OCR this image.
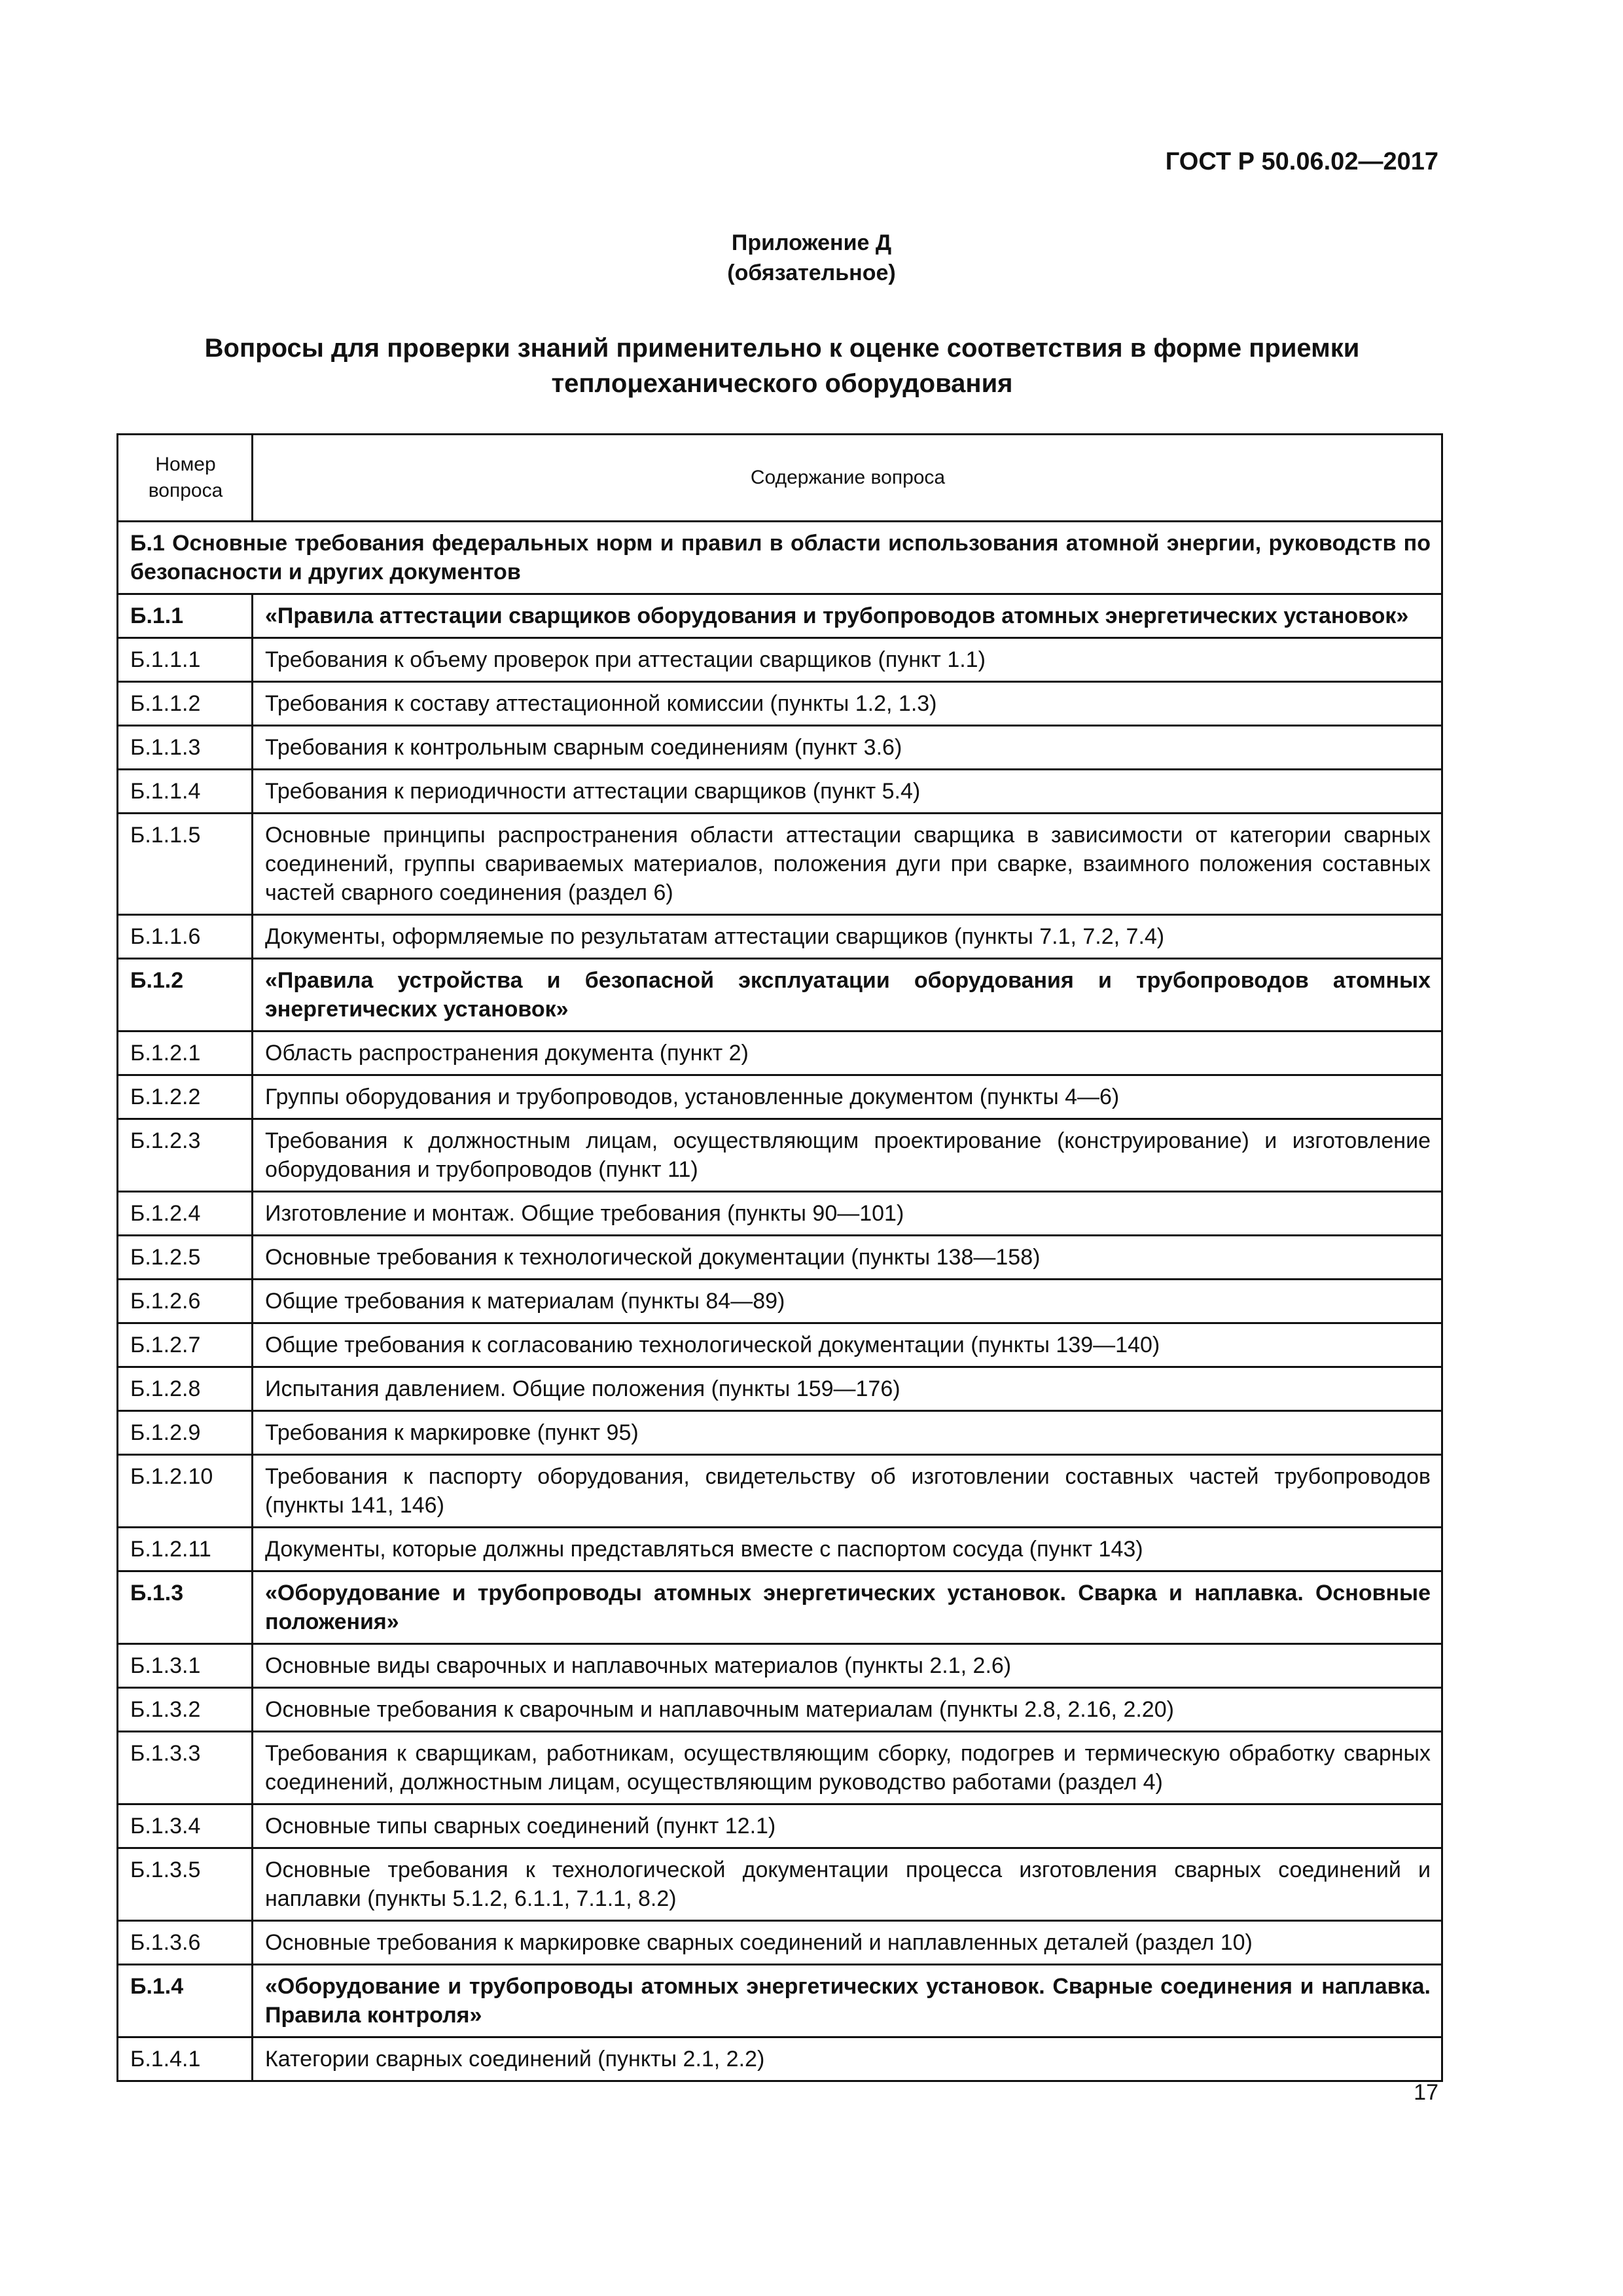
ГОСТ Р 50.06.02—2017
Приложение Д
(обязательное)
Вопросы для проверки знаний применительно к оценке соответствия в форме приемки теплομеханического оборудования
Номер вопроса	Содержание вопроса
Б.1 Основные требования федеральных норм и правил в области использования атомной энергии, руководств по безопасности и других документов	
Б.1.1	«Правила аттестации сварщиков оборудования и трубопроводов атомных энергетических установок»
Б.1.1.1	Требования к объему проверок при аттестации сварщиков (пункт 1.1)
Б.1.1.2	Требования к составу аттестационной комиссии (пункты 1.2, 1.3)
Б.1.1.3	Требования к контрольным сварным соединениям (пункт 3.6)
Б.1.1.4	Требования к периодичности аттестации сварщиков (пункт 5.4)
Б.1.1.5	Основные принципы распространения области аттестации сварщика в зависимости от категории сварных соединений, группы свариваемых материалов, положения дуги при сварке, взаимного положения составных частей сварного соединения (раздел 6)
Б.1.1.6	Документы, оформляемые по результатам аттестации сварщиков (пункты 7.1, 7.2, 7.4)
Б.1.2	«Правила устройства и безопасной эксплуатации оборудования и трубопроводов атомных энергетических установок»
Б.1.2.1	Область распространения документа (пункт 2)
Б.1.2.2	Группы оборудования и трубопроводов, установленные документом (пункты 4—6)
Б.1.2.3	Требования к должностным лицам, осуществляющим проектирование (конструирование) и изготовление оборудования и трубопроводов (пункт 11)
Б.1.2.4	Изготовление и монтаж. Общие требования (пункты 90—101)
Б.1.2.5	Основные требования к технологической документации (пункты 138—158)
Б.1.2.6	Общие требования к материалам (пункты 84—89)
Б.1.2.7	Общие требования к согласованию технологической документации (пункты 139—140)
Б.1.2.8	Испытания давлением. Общие положения (пункты 159—176)
Б.1.2.9	Требования к маркировке (пункт 95)
Б.1.2.10	Требования к паспорту оборудования, свидетельству об изготовлении составных частей трубопроводов (пункты 141, 146)
Б.1.2.11	Документы, которые должны представляться вместе с паспортом сосуда (пункт 143)
Б.1.3	«Оборудование и трубопроводы атомных энергетических установок. Сварка и наплавка. Основные положения»
Б.1.3.1	Основные виды сварочных и наплавочных материалов (пункты 2.1, 2.6)
Б.1.3.2	Основные требования к сварочным и наплавочным материалам (пункты 2.8, 2.16, 2.20)
Б.1.3.3	Требования к сварщикам, работникам, осуществляющим сборку, подогрев и термическую обработку сварных соединений, должностным лицам, осуществляющим руководство работами (раздел 4)
Б.1.3.4	Основные типы сварных соединений (пункт 12.1)
Б.1.3.5	Основные требования к технологической документации процесса изготовления сварных соединений и наплавки (пункты 5.1.2, 6.1.1, 7.1.1, 8.2)
Б.1.3.6	Основные требования к маркировке сварных соединений и наплавленных деталей (раздел 10)
Б.1.4	«Оборудование и трубопроводы атомных энергетических установок. Сварные соединения и наплавка. Правила контроля»
Б.1.4.1	Категории сварных соединений (пункты 2.1, 2.2)
17
